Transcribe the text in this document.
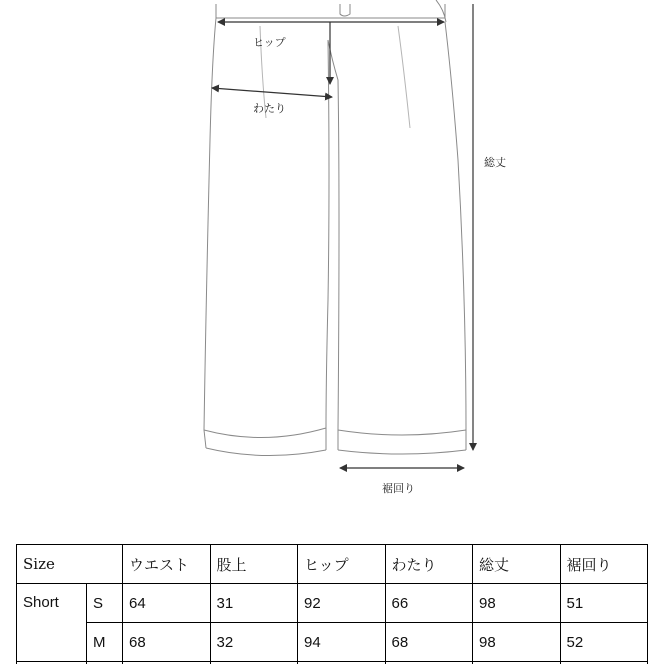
ヒップ
わたり
総丈
裾回り
Size		ウエスト	股上	ヒップ	わたり	総丈	裾回り
Short	S	64	31	92	66	98	51
	M	68	32	94	68	98	52
